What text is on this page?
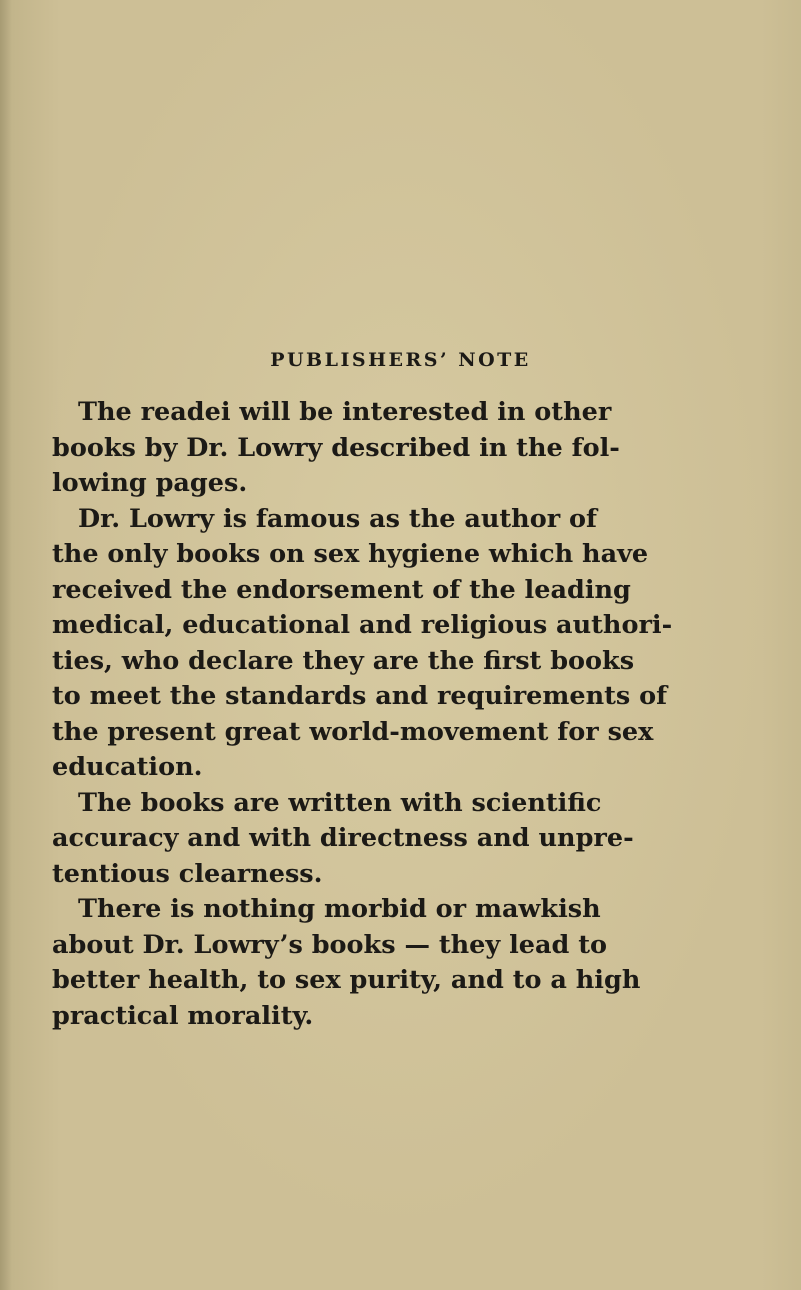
PUBLISHERS’ NOTE

The readei will be interested in other
books by Dr. Lowry described in the fol-
lowing pages.

Dr. Lowry is famous as the author of
the only books on sex hygiene which have
received the endorsement of the leading
medical, educational and religious authori-
ties, who declare they are the first books
to meet the standards and requirements of
the present great world-movement for sex
education.

The books are written with scientific
accuracy and with directness and unpre-
tentious clearness.

There is nothing morbid or mawkish
about Dr. Lowry’s books — they lead to
better health, to sex purity, and to a high
practical morality.
